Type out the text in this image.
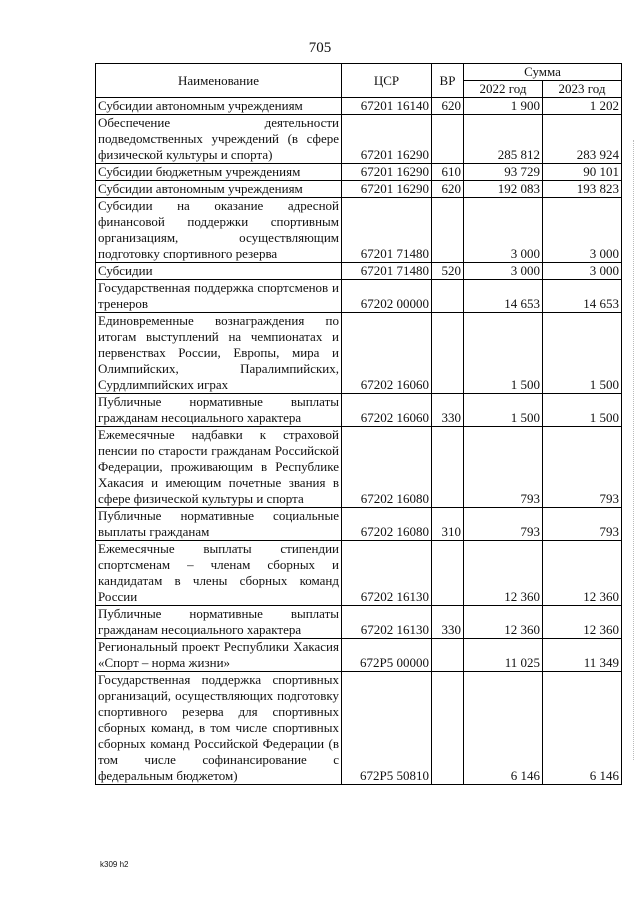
705
Наименование	ЦСР	ВР	Сумма	
			2022 год	2023 год
Субсидии автономным учреждениям	67201 16140	620	1 900	1 202
Обеспечение деятельности подведомственных учреждений (в сфере физической культуры и спорта)	67201 16290		285 812	283 924
Субсидии бюджетным учреждениям	67201 16290	610	93 729	90 101
Субсидии автономным учреждениям	67201 16290	620	192 083	193 823
Субсидии на оказание адресной финансовой поддержки спортивным организациям, осуществляющим подготовку спортивного резерва	67201 71480		3 000	3 000
Субсидии	67201 71480	520	3 000	3 000
Государственная поддержка спортсменов и тренеров	67202 00000		14 653	14 653
Единовременные вознаграждения по итогам выступлений на чемпионатах и первенствах России, Европы, мира и Олимпийских, Паралимпийских, Сурдлимпийских играх	67202 16060		1 500	1 500
Публичные нормативные выплаты гражданам несоциального характера	67202 16060	330	1 500	1 500
Ежемесячные надбавки к страховой пенсии по старости гражданам Российской Федерации, проживающим в Республике Хакасия и имеющим почетные звания в сфере физической культуры и спорта	67202 16080		793	793
Публичные нормативные социальные выплаты гражданам	67202 16080	310	793	793
Ежемесячные выплаты стипендии спортсменам – членам сборных и кандидатам в члены сборных команд России	67202 16130		12 360	12 360
Публичные нормативные выплаты гражданам несоциального характера	67202 16130	330	12 360	12 360
Региональный проект Республики Хакасия «Спорт – норма жизни»	672P5 00000		11 025	11 349
Государственная поддержка спортивных организаций, осуществляющих подготовку спортивного резерва для спортивных сборных команд, в том числе спортивных сборных команд Российской Федерации (в том числе софинансирование с федеральным бюджетом)	672P5 50810		6 146	6 146
k309 h2
